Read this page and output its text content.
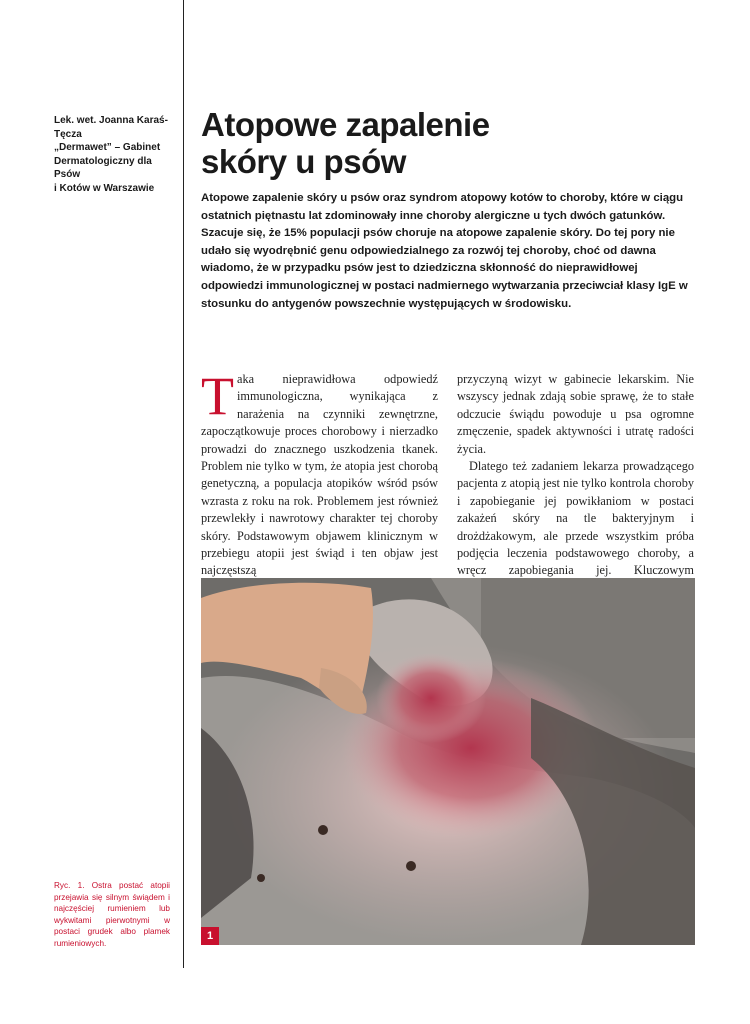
Lek. wet. Joanna Karaś-
Tęcza
„Dermawet” – Gabinet
Dermatologiczny dla Psów
i Kotów w Warszawie
Atopowe zapalenie
skóry u psów

Atopowe zapalenie skóry u psów oraz syndrom atopowy kotów to choroby, które w ciągu ostatnich piętnastu lat zdominowały inne choroby alergiczne u tych dwóch gatunków. Szacuje się, że 15% populacji psów choruje na atopowe zapalenie skóry. Do tej pory nie udało się wyodrębnić genu odpowiedzialnego za rozwój tej choroby, choć od dawna wiadomo, że w przypadku psów jest to dziedziczna skłonność do nieprawidłowej odpowiedzi immunologicznej w postaci nadmiernego wytwarzania przeciwciał klasy IgE w stosunku do antygenów powszechnie występujących w środowisku.

Taka nieprawidłowa odpowiedź immunologiczna, wynikająca z narażenia na czynniki zewnętrzne, zapoczątkowuje proces chorobowy i nierzadko prowadzi do znacznego uszkodzenia tkanek. Problem nie tylko w tym, że atopia jest chorobą genetyczną, a populacja atopików wśród psów wzrasta z roku na rok. Problemem jest również przewlekły i nawrotowy charakter tej choroby skóry. Podstawowym objawem klinicznym w przebiegu atopii jest świąd i ten objaw jest najczęstszą

przyczyną wizyt w gabinecie lekarskim. Nie wszyscy jednak zdają sobie sprawę, że to stałe odczucie świądu powoduje u psa ogromne zmęczenie, spadek aktywności i utratę radości życia.

Dlatego też zadaniem lekarza prowadzącego pacjenta z atopią jest nie tylko kontrola choroby i zapobieganie jej powikłaniom w postaci zakażeń skóry na tle bakteryjnym i drożdżakowym, ale przede wszystkim próba podjęcia leczenia podstawowego choroby, a wręcz zapobiegania jej. Kluczowym

1
Ryc. 1. Ostra postać atopii przejawia się silnym świądem i najczęściej rumieniem lub wykwitami pierwotnymi w postaci grudek albo plamek rumieniowych.
